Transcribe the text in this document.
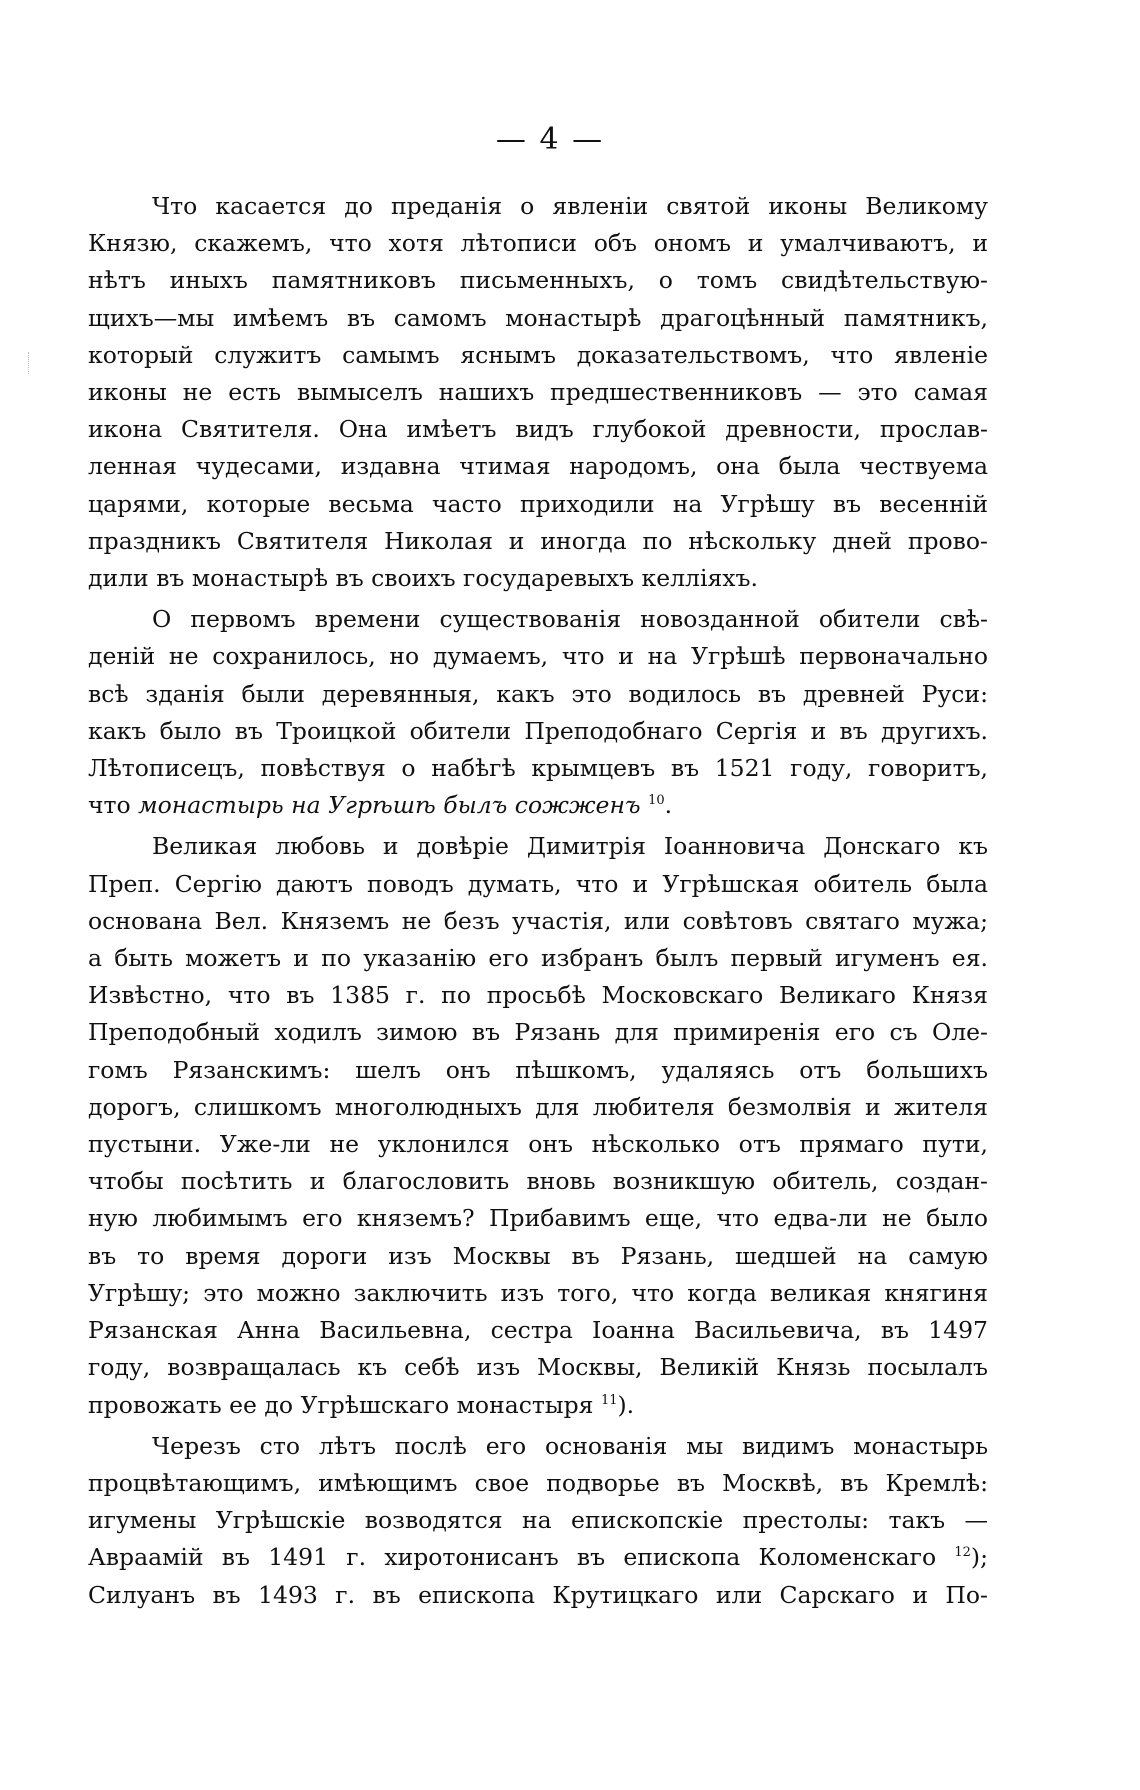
— 4 —
Что касается до преданія о явленіи святой иконы Великому
Князю, скажемъ, что хотя лѣтописи объ ономъ и умалчиваютъ, и
нѣтъ иныхъ памятниковъ письменныхъ, о томъ свидѣтельствую-
щихъ—мы имѣемъ въ самомъ монастырѣ драгоцѣнный памятникъ,
который служитъ самымъ яснымъ доказательствомъ, что явленіе
иконы не есть вымыселъ нашихъ предшественниковъ — это самая
икона Святителя. Она имѣетъ видъ глубокой древности, прослав-
ленная чудесами, издавна чтимая народомъ, она была чествуема
царями, которые весьма часто приходили на Угрѣшу въ весенній
праздникъ Святителя Николая и иногда по нѣскольку дней прово-
дили въ монастырѣ въ своихъ государевыхъ келліяхъ.
О первомъ времени существованія новозданной обители свѣ-
деній не сохранилось, но думаемъ, что и на Угрѣшѣ первоначально
всѣ зданія были деревянныя, какъ это водилось въ древней Руси:
какъ было въ Троицкой обители Преподобнаго Сергія и въ другихъ.
Лѣтописецъ, повѣствуя о набѣгѣ крымцевъ въ 1521 году, говоритъ,
что монастырь на Угрѣшѣ былъ сожженъ $^{10}$.
Великая любовь и довѣріе Димитрія Іоанновича Донскаго къ
Преп. Сергію даютъ поводъ думать, что и Угрѣшская обитель была
основана Вел. Княземъ не безъ участія, или совѣтовъ святаго мужа;
а быть можетъ и по указанію его избранъ былъ первый игуменъ ея.
Извѣстно, что въ 1385 г. по просьбѣ Московскаго Великаго Князя
Преподобный ходилъ зимою въ Рязань для примиренія его съ Оле-
гомъ Рязанскимъ: шелъ онъ пѣшкомъ, удаляясь отъ большихъ
дорогъ, слишкомъ многолюдныхъ для любителя безмолвія и жителя
пустыни. Уже-ли не уклонился онъ нѣсколько отъ прямаго пути,
чтобы посѣтить и благословить вновь возникшую обитель, создан-
ную любимымъ его княземъ? Прибавимъ еще, что едва-ли не было
въ то время дороги изъ Москвы въ Рязань, шедшей на самую
Угрѣшу; это можно заключить изъ того, что когда великая княгиня
Рязанская Анна Васильевна, сестра Іоанна Васильевича, въ 1497
году, возвращалась къ себѣ изъ Москвы, Великій Князь посылалъ
провожать ее до Угрѣшскаго монастыря $^{11}$).
Черезъ сто лѣтъ послѣ его основанія мы видимъ монастырь
процвѣтающимъ, имѣющимъ свое подворье въ Москвѣ, въ Кремлѣ:
игумены Угрѣшскіе возводятся на епископскіе престолы: такъ —
Авраамій въ 1491 г. хиротонисанъ въ епископа Коломенскаго $^{12}$);
Силуанъ въ 1493 г. въ епископа Крутицкаго или Сарскаго и По-
